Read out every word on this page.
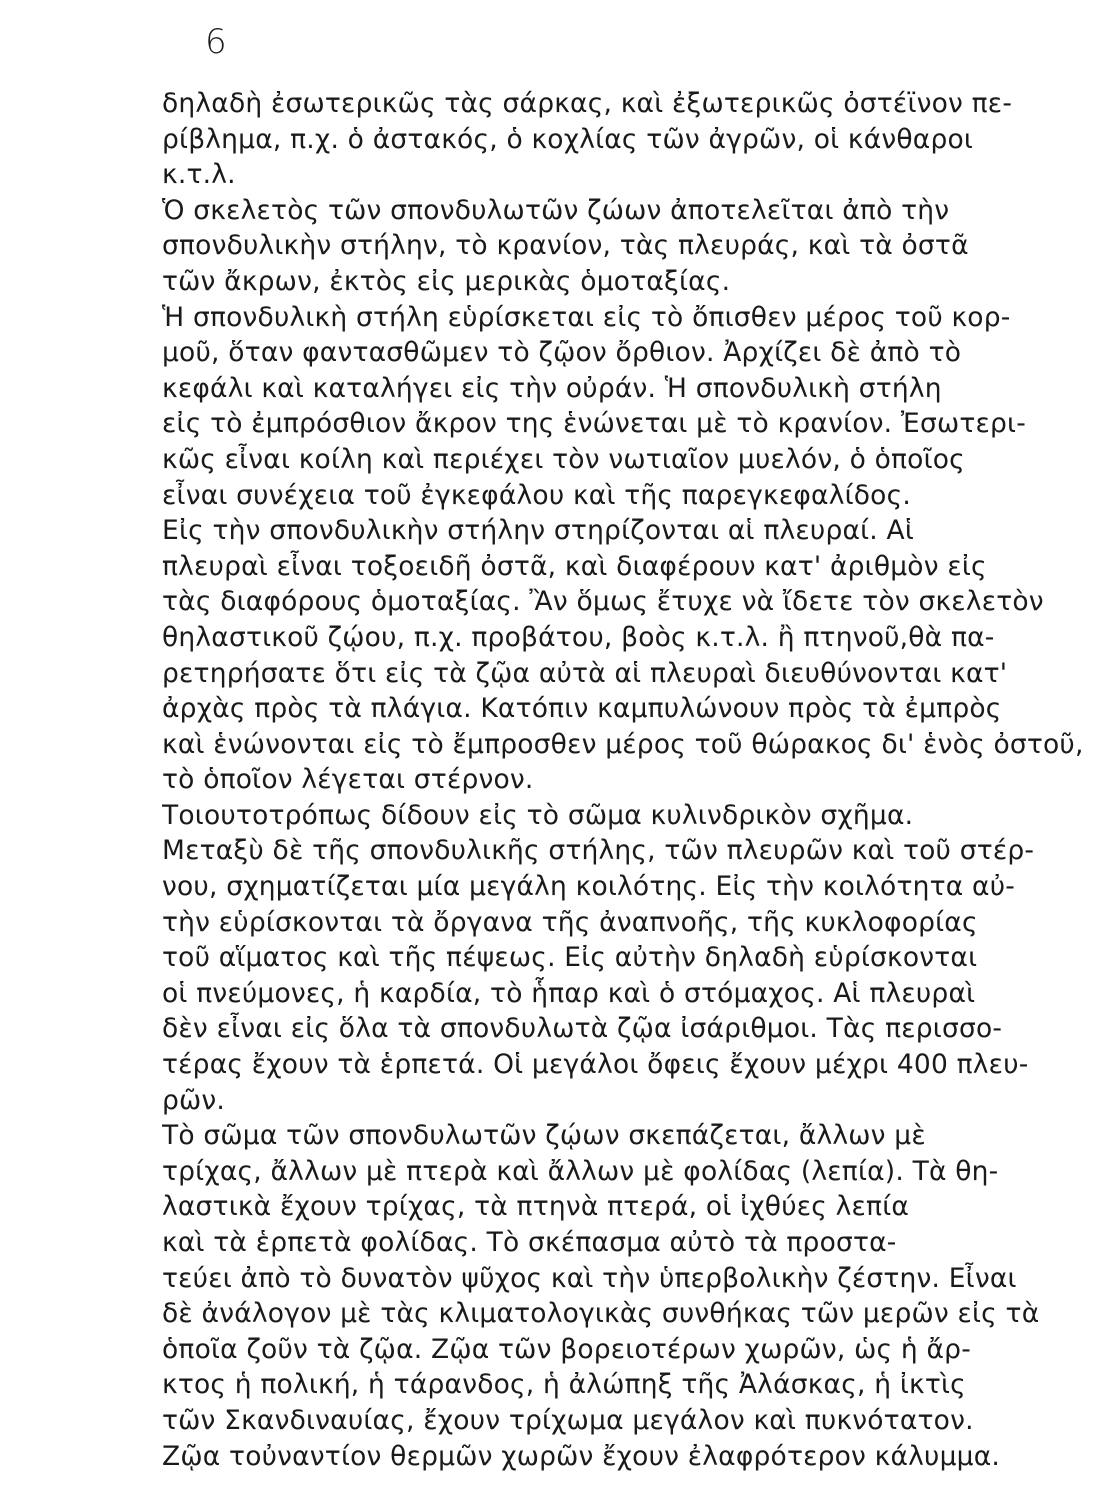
6
δηλαδὴ ἐσωτερικῶς τὰς σάρκας, καὶ ἐξωτερικῶς ὀστέϊνον πε-
ρίβλημα, π.χ. ὁ ἀστακός, ὁ κοχλίας τῶν ἀγρῶν, οἱ κάνθαροι
κ.τ.λ.
Ὁ σκελετὸς τῶν σπονδυλωτῶν ζώων ἀποτελεῖται ἀπὸ τὴν
σπονδυλικὴν στήλην, τὸ κρανίον, τὰς πλευράς, καὶ τὰ ὀστᾶ
τῶν ἄκρων, ἐκτὸς εἰς μερικὰς ὁμοταξίας.
Ἡ σπονδυλικὴ στήλη εὑρίσκεται εἰς τὸ ὄπισθεν μέρος τοῦ κορ-
μοῦ, ὅταν φαντασθῶμεν τὸ ζῷον ὄρθιον. Ἀρχίζει δὲ ἀπὸ τὸ
κεφάλι καὶ καταλήγει εἰς τὴν οὐράν. Ἡ σπονδυλικὴ στήλη
εἰς τὸ ἐμπρόσθιον ἄκρον της ἑνώνεται μὲ τὸ κρανίον. Ἐσωτερι-
κῶς εἶναι κοίλη καὶ περιέχει τὸν νωτιαῖον μυελόν, ὁ ὁποῖος
εἶναι συνέχεια τοῦ ἐγκεφάλου καὶ τῆς παρεγκεφαλίδος.
Εἰς τὴν σπονδυλικὴν στήλην στηρίζονται αἱ πλευραί. Αἱ
πλευραὶ εἶναι τοξοειδῆ ὀστᾶ, καὶ διαφέρουν κατ' ἀριθμὸν εἰς
τὰς διαφόρους ὁμοταξίας. Ἂν ὅμως ἔτυχε νὰ ἴδετε τὸν σκελετὸν
θηλαστικοῦ ζῴου, π.χ. προβάτου, βοὸς κ.τ.λ. ἢ πτηνοῦ,θὰ πα-
ρετηρήσατε ὅτι εἰς τὰ ζῷα αὐτὰ αἱ πλευραὶ διευθύνονται κατ'
ἀρχὰς πρὸς τὰ πλάγια. Κατόπιν καμπυλώνουν πρὸς τὰ ἐμπρὸς
καὶ ἑνώνονται εἰς τὸ ἔμπροσθεν μέρος τοῦ θώρακος δι' ἑνὸς ὀστοῦ,
τὸ ὁποῖον λέγεται στέρνον.
Τοιουτοτρόπως δίδουν εἰς τὸ σῶμα κυλινδρικὸν σχῆμα.
Μεταξὺ δὲ τῆς σπονδυλικῆς στήλης, τῶν πλευρῶν καὶ τοῦ στέρ-
νου, σχηματίζεται μία μεγάλη κοιλότης. Εἰς τὴν κοιλότητα αὐ-
τὴν εὑρίσκονται τὰ ὄργανα τῆς ἀναπνοῆς, τῆς κυκλοφορίας
τοῦ αἵματος καὶ τῆς πέψεως. Εἰς αὐτὴν δηλαδὴ εὑρίσκονται
οἱ πνεύμονες, ἡ καρδία, τὸ ἧπαρ καὶ ὁ στόμαχος. Αἱ πλευραὶ
δὲν εἶναι εἰς ὅλα τὰ σπονδυλωτὰ ζῷα ἰσάριθμοι. Τὰς περισσο-
τέρας ἔχουν τὰ ἑρπετά. Οἱ μεγάλοι ὄφεις ἔχουν μέχρι 400 πλευ-
ρῶν.
Τὸ σῶμα τῶν σπονδυλωτῶν ζῴων σκεπάζεται, ἄλλων μὲ
τρίχας, ἄλλων μὲ πτερὰ καὶ ἄλλων μὲ φολίδας (λεπία). Τὰ θη-
λαστικὰ ἔχουν τρίχας, τὰ πτηνὰ πτερά, οἱ ἰχθύες λεπία
καὶ τὰ ἑρπετὰ φολίδας. Τὸ σκέπασμα αὐτὸ τὰ προστα-
τεύει ἀπὸ τὸ δυνατὸν ψῦχος καὶ τὴν ὑπερβολικὴν ζέστην. Εἶναι
δὲ ἀνάλογον μὲ τὰς κλιματολογικὰς συνθήκας τῶν μερῶν εἰς τὰ
ὁποῖα ζοῦν τὰ ζῷα. Ζῷα τῶν βορειοτέρων χωρῶν, ὡς ἡ ἄρ-
κτος ἡ πολική, ἡ τάρανδος, ἡ ἀλώπηξ τῆς Ἀλάσκας, ἡ ἰκτὶς
τῶν Σκανδιναυίας, ἔχουν τρίχωμα μεγάλον καὶ πυκνότατον.
Ζῷα τοὐναντίον θερμῶν χωρῶν ἔχουν ἐλαφρότερον κάλυμμα.
